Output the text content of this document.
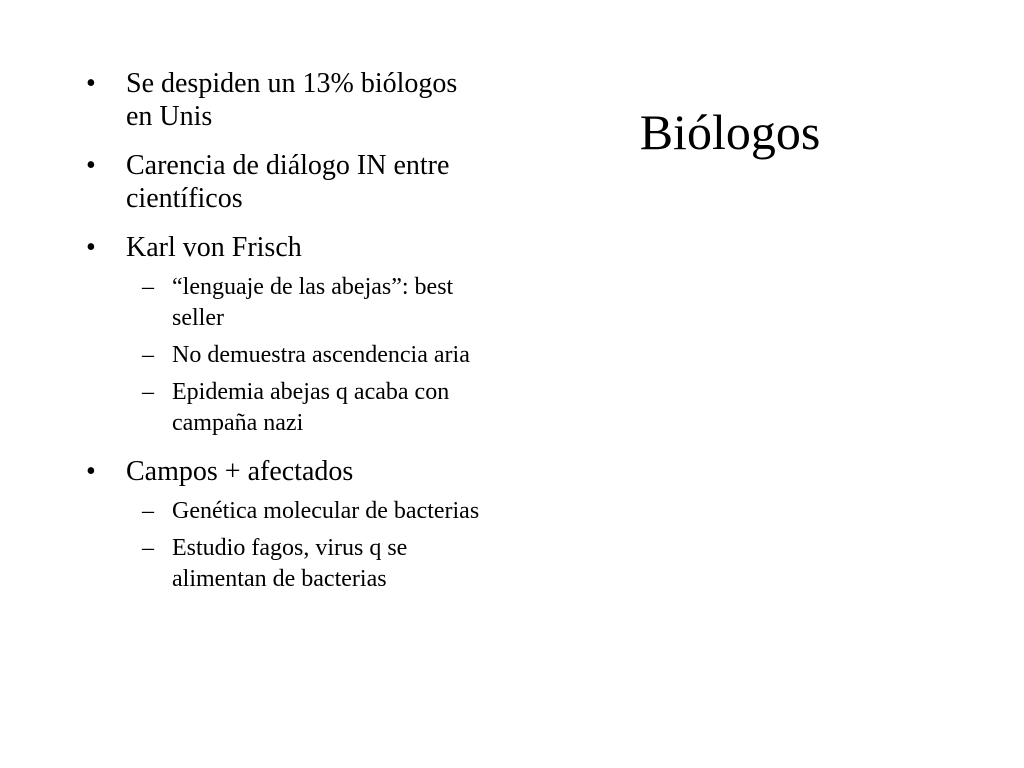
Biólogos
•	Se despiden un 13% biólogos en Unis
•	Carencia de diálogo IN entre científicos
•	Karl von Frisch
– “lenguaje de las abejas”: best seller
– No demuestra ascendencia aria
– Epidemia abejas q acaba con campaña nazi
•	Campos + afectados
– Genética molecular de bacterias
– Estudio fagos, virus q se alimentan de bacterias
